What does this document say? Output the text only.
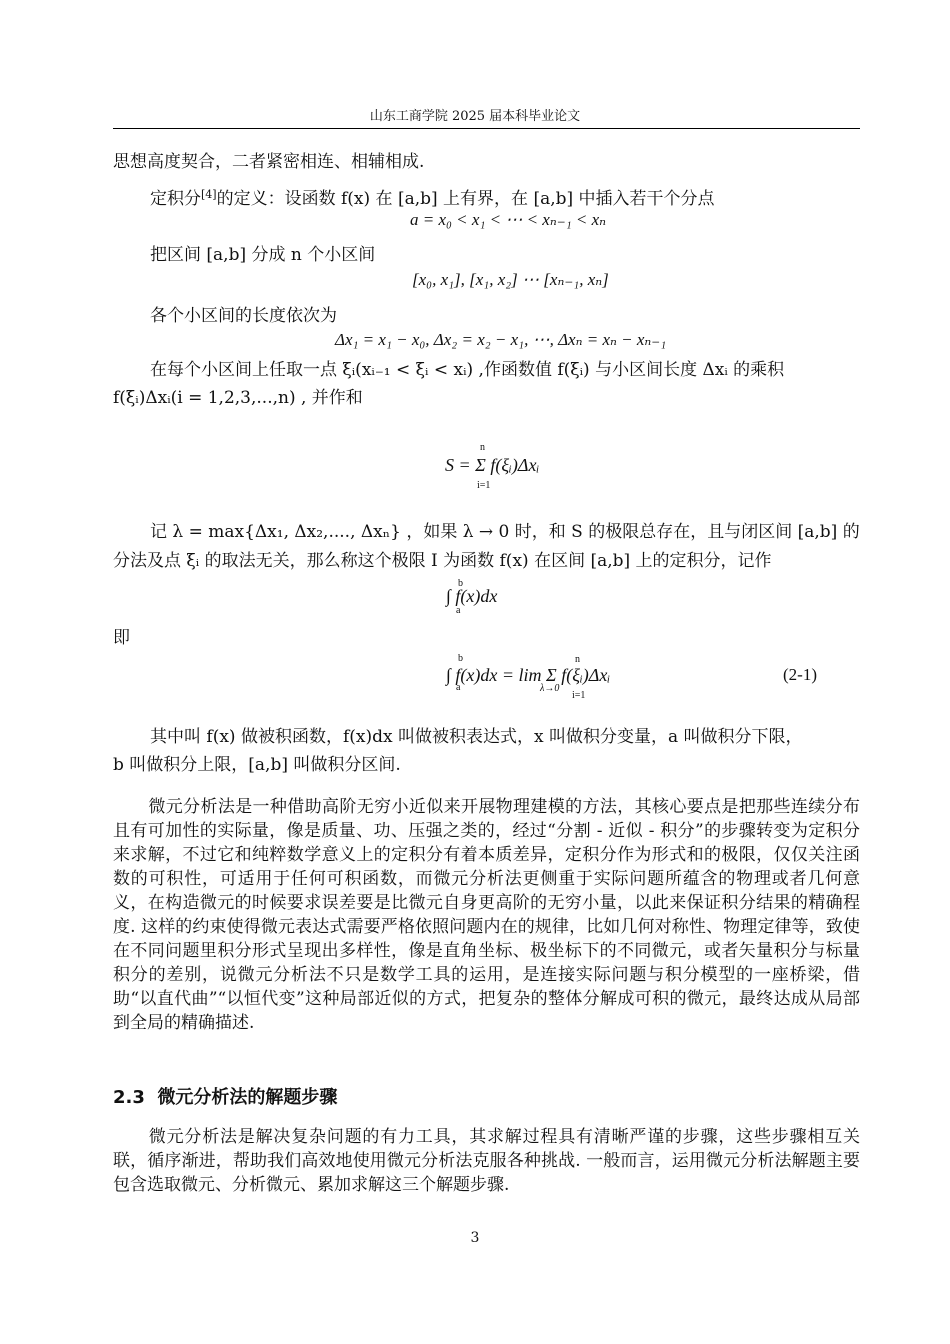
山东工商学院 2025 届本科毕业论文
思想高度契合，二者紧密相连、相辅相成.
定积分[4]的定义：设函数 f(x) 在 [a,b] 上有界，在 [a,b] 中插入若干个分点
a = x₀ < x₁ < ⋯ < xₙ₋₁ < xₙ
把区间 [a,b] 分成 n 个小区间
[x₀, x₁], [x₁, x₂] ⋯ [xₙ₋₁, xₙ]
各个小区间的长度依次为
Δx₁ = x₁ − x₀, Δx₂ = x₂ − x₁, ⋯, Δxₙ = xₙ − xₙ₋₁
在每个小区间上任取一点 ξᵢ(xᵢ₋₁ < ξᵢ < xᵢ) ,作函数值 f(ξᵢ) 与小区间长度 Δxᵢ 的乘积
f(ξᵢ)Δxᵢ(i = 1,2,3,...,n) , 并作和
n
S = Σ f(ξᵢ)Δxᵢ
i=1
记 λ = max{Δx₁, Δx₂,...., Δxₙ} ，如果 λ → 0 时，和 S 的极限总存在，且与闭区间 [a,b] 的
分法及点 ξᵢ 的取法无关，那么称这个极限 I 为函数 f(x) 在区间 [a,b] 上的定积分，记作
b
∫ f(x)dx
a
即
b	n
∫ f(x)dx = lim Σ f(ξᵢ)Δxᵢ
a	λ→0
i=1
(2-1)
其中叫 f(x) 做被积函数，f(x)dx 叫做被积表达式，x 叫做积分变量，a 叫做积分下限，
b 叫做积分上限，[a,b] 叫做积分区间.
微元分析法是一种借助高阶无穷小近似来开展物理建模的方法，其核心要点是把那些连续分布且有可加性的实际量，像是质量、功、压强之类的，经过“分割 - 近似 - 积分”的步骤转变为定积分来求解，不过它和纯粹数学意义上的定积分有着本质差异，定积分作为形式和的极限，仅仅关注函数的可积性，可适用于任何可积函数，而微元分析法更侧重于实际问题所蕴含的物理或者几何意义，在构造微元的时候要求误差要是比微元自身更高阶的无穷小量，以此来保证积分结果的精确程度. 这样的约束使得微元表达式需要严格依照问题内在的规律，比如几何对称性、物理定律等，致使在不同问题里积分形式呈现出多样性，像是直角坐标、极坐标下的不同微元，或者矢量积分与标量积分的差别，说微元分析法不只是数学工具的运用，是连接实际问题与积分模型的一座桥梁，借助“以直代曲”“以恒代变”这种局部近似的方式，把复杂的整体分解成可积的微元，最终达成从局部到全局的精确描述.
2.3 微元分析法的解题步骤
微元分析法是解决复杂问题的有力工具，其求解过程具有清晰严谨的步骤，这些步骤相互关联，循序渐进，帮助我们高效地使用微元分析法克服各种挑战. 一般而言，运用微元分析法解题主要包含选取微元、分析微元、累加求解这三个解题步骤.
3
